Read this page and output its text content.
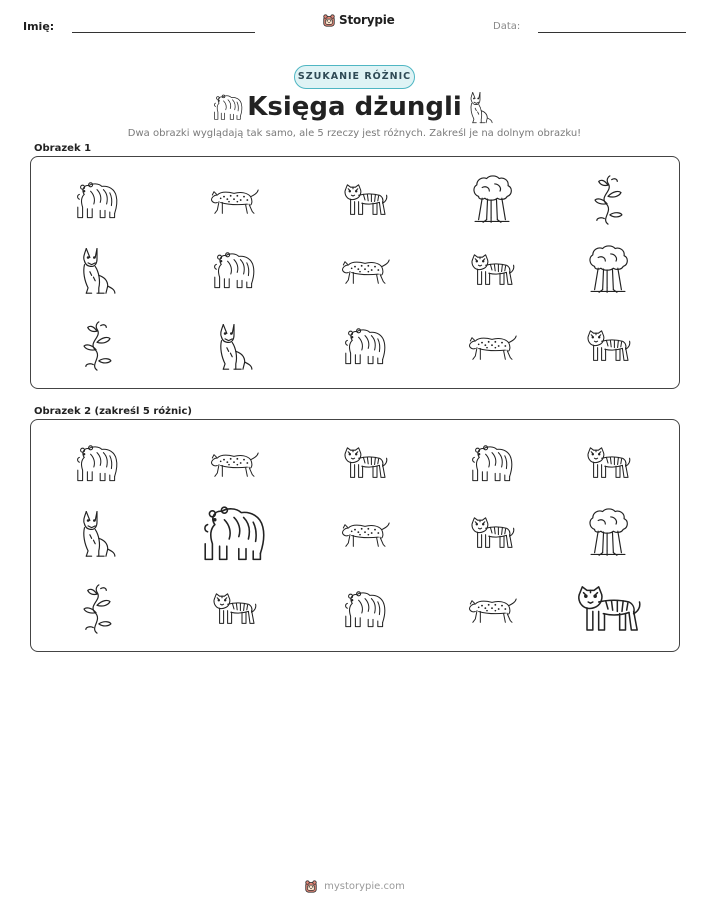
Imię:	Storypie	Data:
SZUKANIE RÓŻNIC
Księga dżungli
Dwa obrazki wyglądają tak samo, ale 5 rzeczy jest różnych. Zakreśl je na dolnym obrazku!
Obrazek 1
Obrazek 2 (zakreśl 5 różnic)
mystorypie.com
